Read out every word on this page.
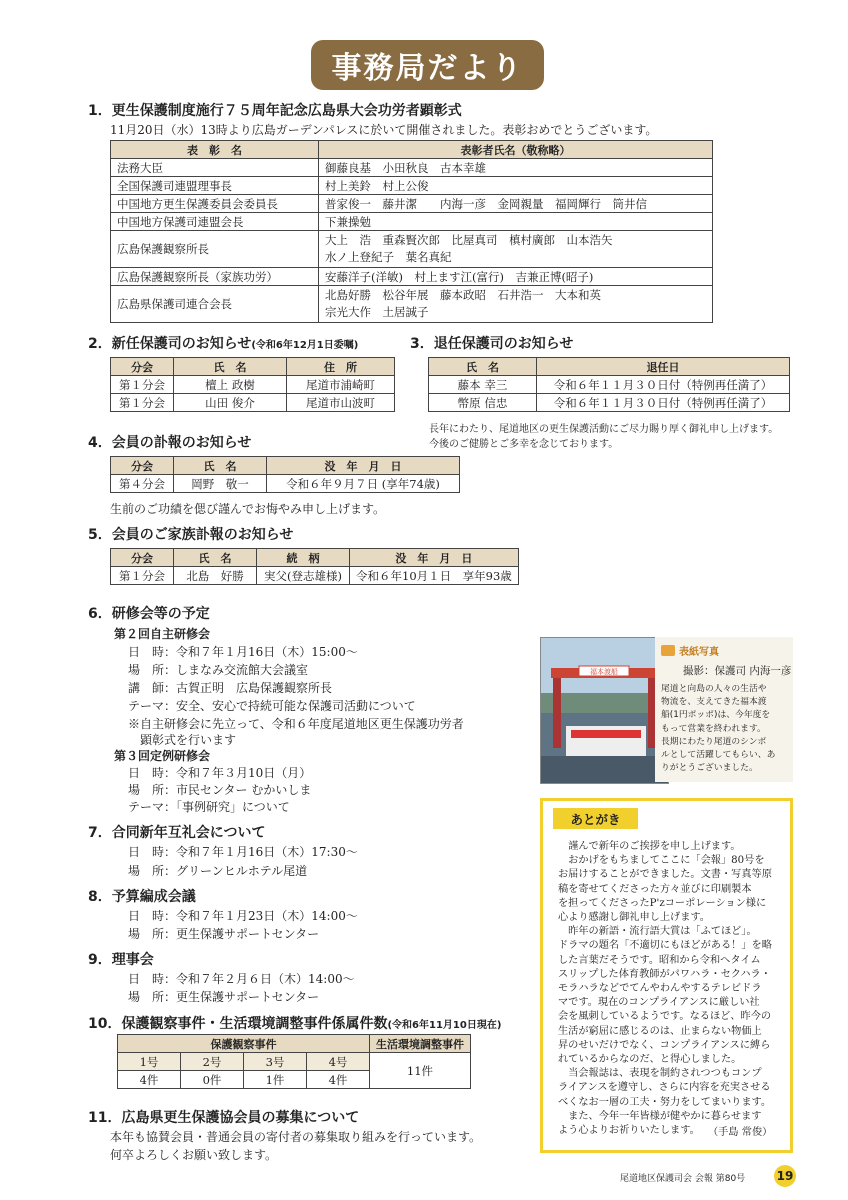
事務局だより
1．更生保護制度施行７５周年記念広島県大会功労者顕彰式
11月20日（水）13時より広島ガーデンパレスに於いて開催されました。表彰おめでとうございます。
表　彰　名	表彰者氏名（敬称略）
法務大臣	御藤良基　小田秋良　古本幸雄
全国保護司連盟理事長	村上美鈴　村上公俊
中国地方更生保護委員会委員長	普家俊一　藤井潔　　内海一彦　金岡親量　福岡輝行　筒井信
中国地方保護司連盟会長	下兼操勉
広島保護観察所長	大上　浩　重森賢次郎　比屋真司　槙村廣郎　山本浩矢
水ノ上登紀子　葉名真紀

広島保護観察所長（家族功労）	安藤洋子(洋敏)　村上ます江(富行)　吉兼正博(昭子)
広島県保護司連合会長	北島好勝　松谷年展　藤本政昭　石井浩一　大本和英
宗光大作　土居誠子
2．新任保護司のお知らせ(令和6年12月1日委嘱)
分会	氏　名	住　所
第１分会	檀上 政樹	尾道市浦崎町
第１分会	山田 俊介	尾道市山波町
3．退任保護司のお知らせ
氏　名	退任日
藤本 幸三	令和６年１１月３０日付（特例再任満了）
幣原 信忠	令和６年１１月３０日付（特例再任満了）
長年にわたり、尾道地区の更生保護活動にご尽力賜り厚く御礼申し上げます。
今後のご健勝とご多幸を念じております。
4．会員の訃報のお知らせ
分会	氏　名	没　年　月　日
第４分会	岡野　敬一	令和６年９月７日 (享年74歳)
生前のご功績を偲び謹んでお悔やみ申し上げます。
5．会員のご家族訃報のお知らせ
分会	氏　名	続　柄	没　年　月　日
第１分会	北島　好勝	実父(登志雄様)	令和６年10月１日　享年93歳
6．研修会等の予定
第２回自主研修会
日　時：令和７年１月16日（木）15:00～
場　所：しまなみ交流館大会議室
講　師：古賀正明　広島保護観察所長
テーマ：安全、安心で持続可能な保護司活動について
※自主研修会に先立って、令和６年度尾道地区更生保護功労者
　顕彰式を行います
第３回定例研修会
日　時：令和７年３月10日（月）
場　所：市民センター むかいしま
テーマ：「事例研究」について
7．合同新年互礼会について
日　時：令和７年１月16日（木）17:30～
場　所：グリーンヒルホテル尾道
8．予算編成会議
日　時：令和７年１月23日（木）14:00～
場　所：更生保護サポートセンター
9．理事会
日　時：令和７年２月６日（木）14:00～
場　所：更生保護サポートセンター
10．保護観察事件・生活環境調整事件係属件数(令和6年11月10日現在)
保護観察事件				生活環境調整事件
1号	2号	3号	4号	11件
4件	0件	1件	4件	
11．広島県更生保護協会員の募集について
本年も協賛会員・普通会員の寄付者の募集取り組みを行っています。
何卒よろしくお願い致します。
福本渡船
表紙写真
撮影：保護司 内海一彦
尾道と向島の人々の生活や
物流を、支えてきた福本渡
船(1円ポッポ)は、今年度を
もって営業を終われます。
長期にわたり尾道のシンボ
ルとして活躍してもらい、あ
りがとうございました。
あとがき
　謹んで新年のご挨拶を申し上げます。
　おかげをもちましてここに「会報」80号を
お届けすることができました。文書・写真等原
稿を寄せてくださった方々並びに印刷製本
を担ってくださったP'zコーポレーション様に
心より感謝し御礼申し上げます。
　昨年の新語・流行語大賞は「ふてほど」。
ドラマの題名「不適切にもほどがある！」を略
した言葉だそうです。昭和から令和へタイム
スリップした体育教師がパワハラ・セクハラ・
モラハラなどでてんやわんやするテレビドラ
マです。現在のコンプライアンスに厳しい社
会を風刺しているようです。なるほど、昨今の
生活が窮屈に感じるのは、止まらない物価上
昇のせいだけでなく、コンプライアンスに縛ら
れているからなのだ、と得心しました。
　当会報誌は、表現を制約されつつもコンプ
ライアンスを遵守し、さらに内容を充実させる
べくなお一層の工夫・努力をしてまいります。
　また、今年一年皆様が健やかに暮らせます
よう心よりお祈りいたします。 （手島 常俊）
尾道地区保護司会 会報 第80号	19
